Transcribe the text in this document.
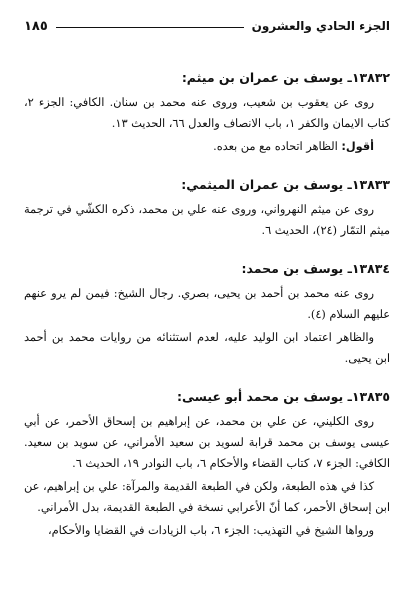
الجزء الحادي والعشرون
١٨٥
١٣٨٣٢ـ يوسف بن عمران بن ميثم:

روى عن يعقوب بن شعيب، وروى عنه محمد بن سنان. الكافي: الجزء ٢، كتاب الايمان والكفر ١، باب الانصاف والعدل ٦٦، الحديث ١٣.

أقول: الظاهر اتحاده مع من بعده.

١٣٨٣٣ـ يوسف بن عمران الميثمي:

روى عن ميثم النهرواني، وروى عنه علي بن محمد، ذكره الكشّي في ترجمة ميثم التمّار (٢٤)، الحديث ٦.

١٣٨٣٤ـ يوسف بن محمد:

روى عنه محمد بن أحمد بن يحيى، بصري. رجال الشيخ: فيمن لم يرو عنهم عليهم السلام (٤).

والظاهر اعتماد ابن الوليد عليه، لعدم استثنائه من روايات محمد بن أحمد ابن يحيى.

١٣٨٣٥ـ يوسف بن محمد أبو عيسى:

روى الكليني، عن علي بن محمد، عن إبراهيم بن إسحاق الأحمر، عن أبي عيسى يوسف بن محمد قرابة لسويد بن سعيد الأمراني، عن سويد بن سعيد. الكافي: الجزء ٧، كتاب القضاء والأحكام ٦، باب النوادر ١٩، الحديث ٦.

كذا في هذه الطبعة، ولكن في الطبعة القديمة والمرآة: علي بن إبراهيم، عن ابن إسحاق الأحمر، كما أنّ الأعرابي نسخة في الطبعة القديمة، بدل الأمراني.

ورواها الشيخ في التهذيب: الجزء ٦، باب الزيادات في القضايا والأحكام،
